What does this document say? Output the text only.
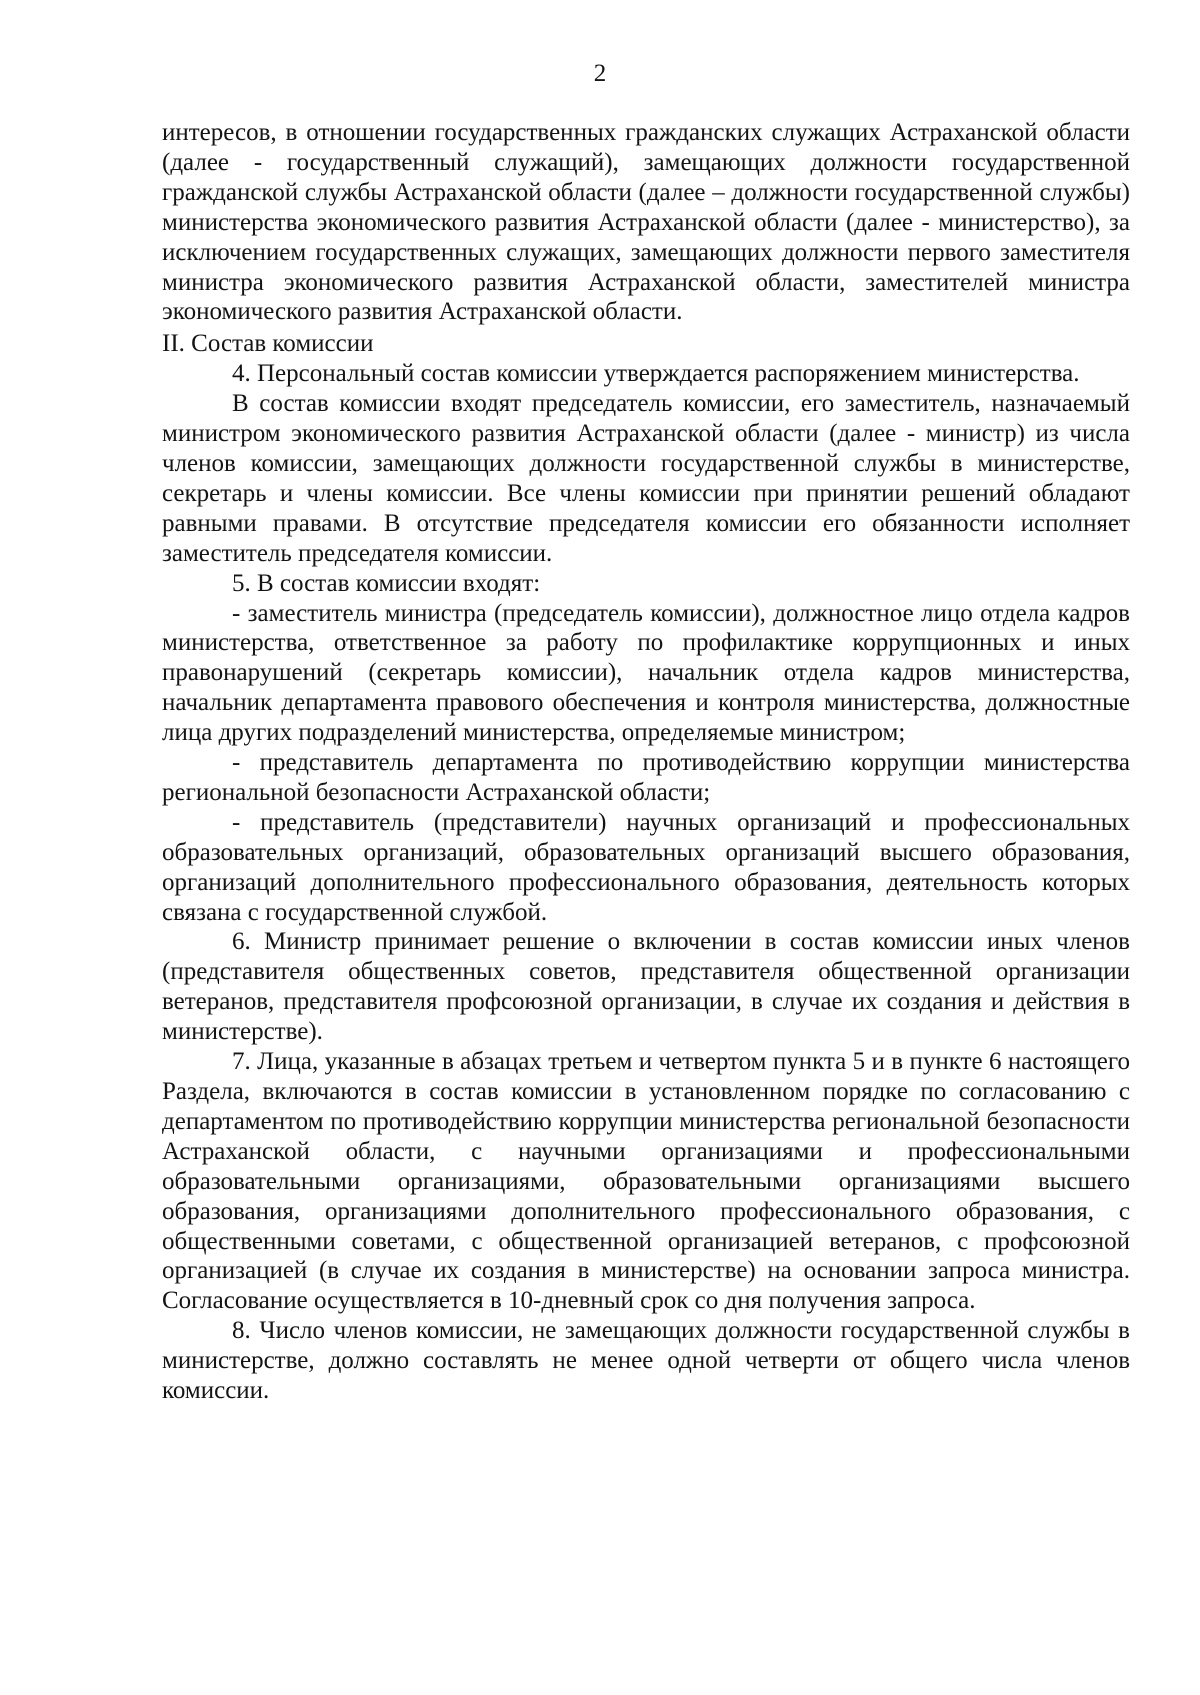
2

интересов, в отношении государственных гражданских служащих Астраханской области (далее - государственный служащий), замещающих должности государственной гражданской службы Астраханской области (далее – должности государственной службы) министерства экономического развития Астраханской области (далее - министерство), за исключением государственных служащих, замещающих должности первого заместителя министра экономического развития Астраханской области, заместителей министра экономического развития Астраханской области.

II. Состав комиссии

4. Персональный состав комиссии утверждается распоряжением министерства.

В состав комиссии входят председатель комиссии, его заместитель, назначаемый министром экономического развития Астраханской области (далее - министр) из числа членов комиссии, замещающих должности государственной службы в министерстве, секретарь и члены комиссии. Все члены комиссии при принятии решений обладают равными правами. В отсутствие председателя комиссии его обязанности исполняет заместитель председателя комиссии.

5. В состав комиссии входят:

- заместитель министра (председатель комиссии), должностное лицо отдела кадров министерства, ответственное за работу по профилактике коррупционных и иных правонарушений (секретарь комиссии), начальник отдела кадров министерства, начальник департамента правового обеспечения и контроля министерства, должностные лица других подразделений министерства, определяемые министром;

- представитель департамента по противодействию коррупции министерства региональной безопасности Астраханской области;

- представитель (представители) научных организаций и профессиональных образовательных организаций, образовательных организаций высшего образования, организаций дополнительного профессионального образования, деятельность которых связана с государственной службой.

6. Министр принимает решение о включении в состав комиссии иных членов (представителя общественных советов, представителя общественной организации ветеранов, представителя профсоюзной организации, в случае их создания и действия в министерстве).

7. Лица, указанные в абзацах третьем и четвертом пункта 5 и в пункте 6 настоящего Раздела, включаются в состав комиссии в установленном порядке по согласованию с департаментом по противодействию коррупции министерства региональной безопасности Астраханской области, с научными организациями и профессиональными образовательными организациями, образовательными организациями высшего образования, организациями дополнительного профессионального образования, с общественными советами, с общественной организацией ветеранов, с профсоюзной организацией (в случае их создания в министерстве) на основании запроса министра. Согласование осуществляется в 10-дневный срок со дня получения запроса.

8. Число членов комиссии, не замещающих должности государственной службы в министерстве, должно составлять не менее одной четверти от общего числа членов комиссии.
